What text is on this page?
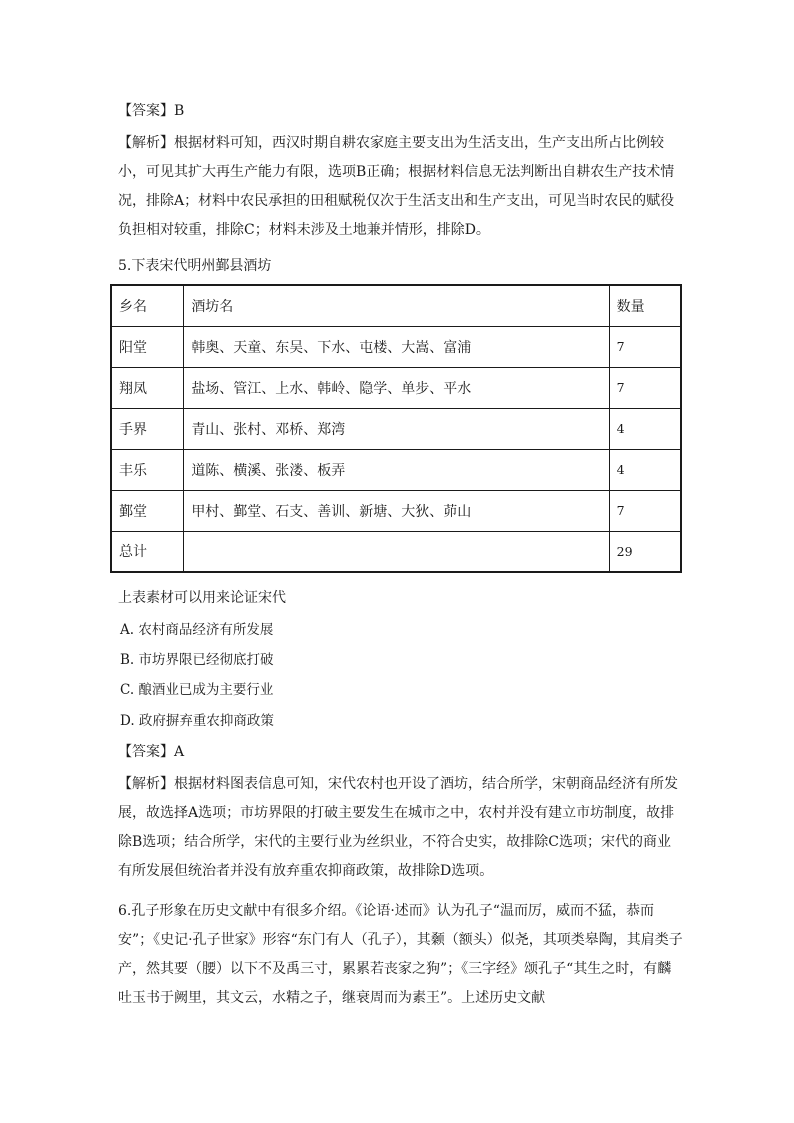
【答案】B

【解析】根据材料可知，西汉时期自耕农家庭主要支出为生活支出，生产支出所占比例较小，可见其扩大再生产能力有限，选项B正确；根据材料信息无法判断出自耕农生产技术情况，排除A；材料中农民承担的田租赋税仅次于生活支出和生产支出，可见当时农民的赋役负担相对较重，排除C；材料未涉及土地兼并情形，排除D。

5.下表宋代明州鄞县酒坊

乡名	酒坊名	数量
阳堂	韩奥、天童、东吴、下水、屯楼、大嵩、富浦	7
翔凤	盐场、管江、上水、韩岭、隐学、单步、平水	7
手界	青山、张村、邓桥、郑湾	4
丰乐	道陈、横溪、张溇、板弄	4
鄞堂	甲村、鄞堂、石支、善训、新塘、大狄、茆山	7
总计		29

上表素材可以用来论证宋代

A. 农村商品经济有所发展

B. 市坊界限已经彻底打破

C. 酿酒业已成为主要行业

D. 政府摒弃重农抑商政策

【答案】A

【解析】根据材料图表信息可知，宋代农村也开设了酒坊，结合所学，宋朝商品经济有所发展，故选择A选项；市坊界限的打破主要发生在城市之中，农村并没有建立市坊制度，故排除B选项；结合所学，宋代的主要行业为丝织业，不符合史实，故排除C选项；宋代的商业有所发展但统治者并没有放弃重农抑商政策，故排除D选项。

6.孔子形象在历史文献中有很多介绍。《论语·述而》认为孔子“温而厉，威而不猛，恭而安”；《史记·孔子世家》形容“东门有人（孔子），其颡（额头）似尧，其项类皋陶，其肩类子产，然其要（腰）以下不及禹三寸，累累若丧家之狗”；《三字经》颂孔子“其生之时，有麟吐玉书于阙里，其文云，水精之子，继衰周而为素王”。上述历史文献
